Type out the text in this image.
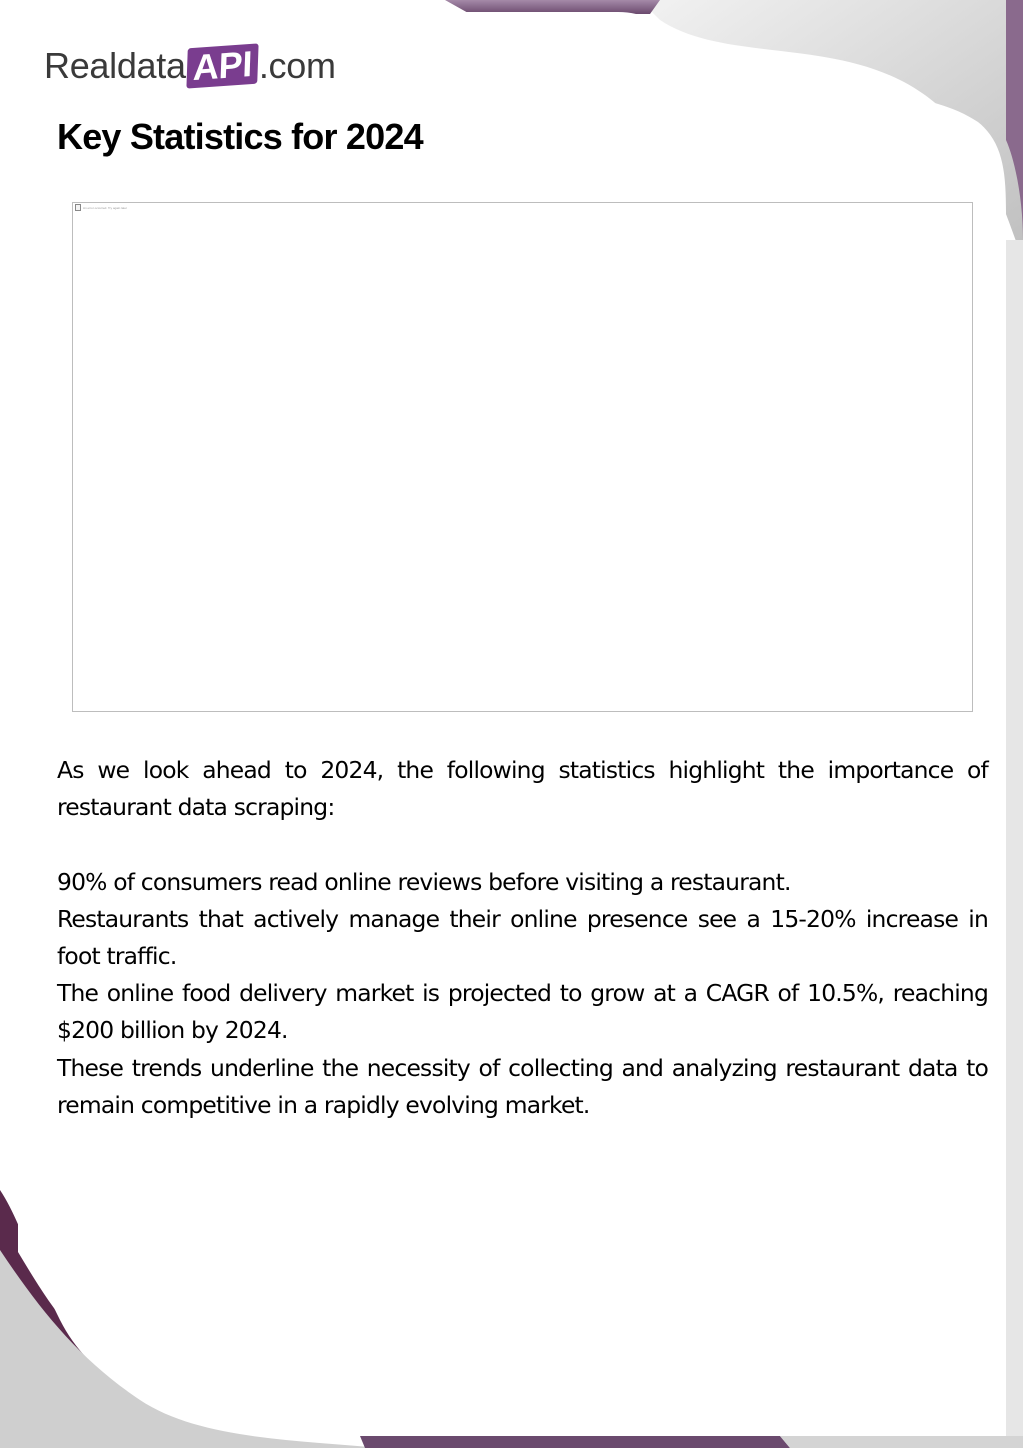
Realdata API .com
Key Statistics for 2024
An error occurred. Try again later

As we look ahead to 2024, the following statistics highlight the importance of restaurant data scraping:

90% of consumers read online reviews before visiting a restaurant.

Restaurants that actively manage their online presence see a 15-20% increase in foot traffic.

The online food delivery market is projected to grow at a CAGR of 10.5%, reaching $200 billion by 2024.

These trends underline the necessity of collecting and analyzing restaurant data to remain competitive in a rapidly evolving market.
